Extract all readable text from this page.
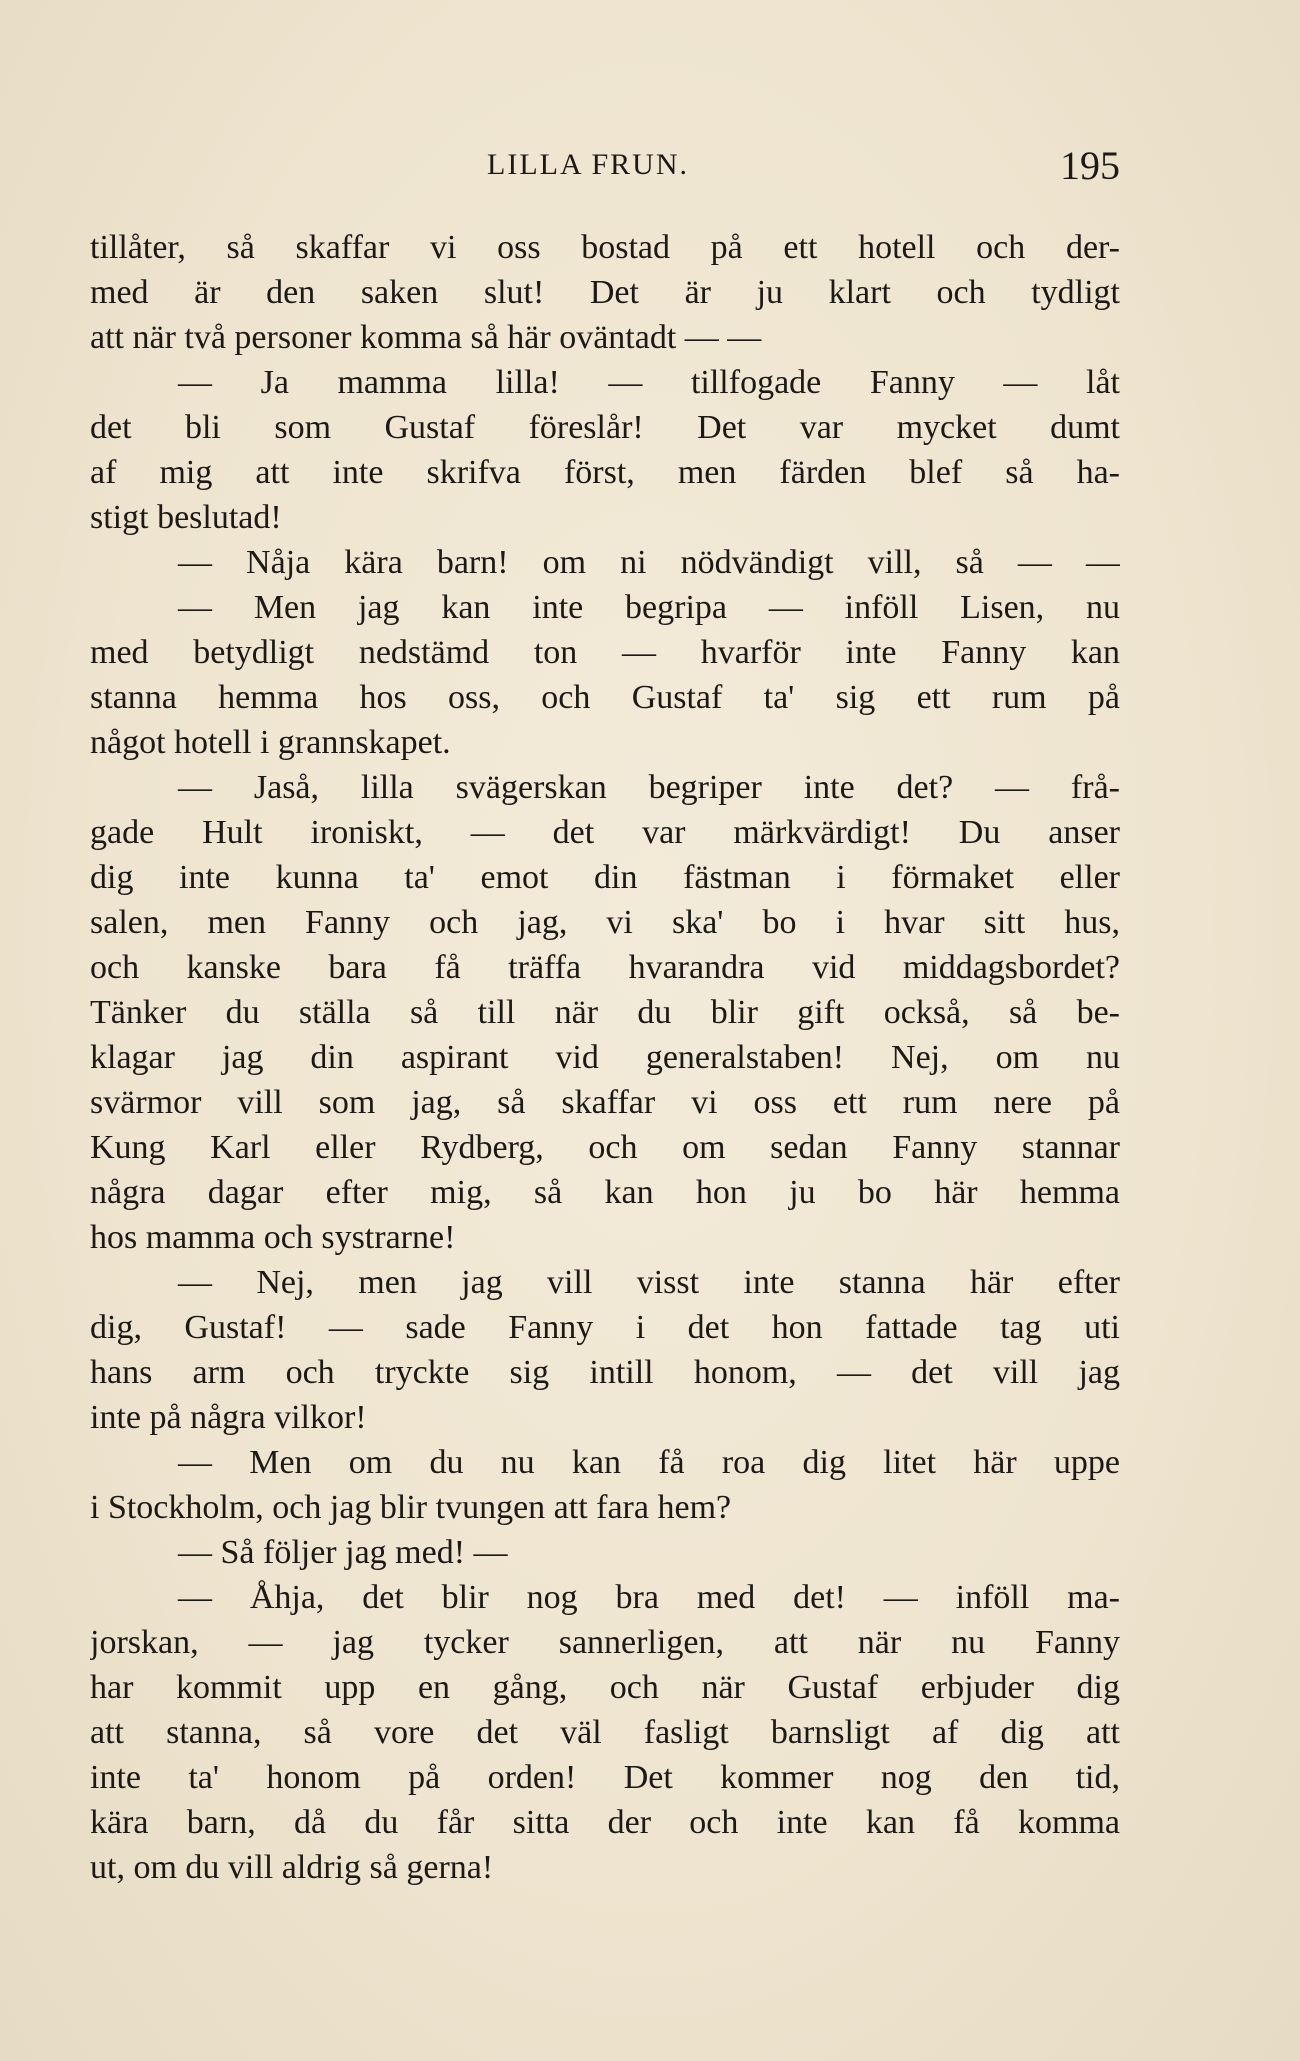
LILLA FRUN.	195
tillåter, så skaffar vi oss bostad på ett hotell och der-
med är den saken slut! Det är ju klart och tydligt
att när två personer komma så här oväntadt — —
— Ja mamma lilla! — tillfogade Fanny — låt
det bli som Gustaf föreslår! Det var mycket dumt
af mig att inte skrifva först, men färden blef så ha-
stigt beslutad!
— Nåja kära barn! om ni nödvändigt vill, så — —
— Men jag kan inte begripa — inföll Lisen, nu
med betydligt nedstämd ton — hvarför inte Fanny kan
stanna hemma hos oss, och Gustaf ta' sig ett rum på
något hotell i grannskapet.
— Jaså, lilla svägerskan begriper inte det? — frå-
gade Hult ironiskt, — det var märkvärdigt! Du anser
dig inte kunna ta' emot din fästman i förmaket eller
salen, men Fanny och jag, vi ska' bo i hvar sitt hus,
och kanske bara få träffa hvarandra vid middagsbordet?
Tänker du ställa så till när du blir gift också, så be-
klagar jag din aspirant vid generalstaben! Nej, om nu
svärmor vill som jag, så skaffar vi oss ett rum nere på
Kung Karl eller Rydberg, och om sedan Fanny stannar
några dagar efter mig, så kan hon ju bo här hemma
hos mamma och systrarne!
— Nej, men jag vill visst inte stanna här efter
dig, Gustaf! — sade Fanny i det hon fattade tag uti
hans arm och tryckte sig intill honom, — det vill jag
inte på några vilkor!
— Men om du nu kan få roa dig litet här uppe
i Stockholm, och jag blir tvungen att fara hem?
— Så följer jag med! —
— Åhja, det blir nog bra med det! — inföll ma-
jorskan, — jag tycker sannerligen, att när nu Fanny
har kommit upp en gång, och när Gustaf erbjuder dig
att stanna, så vore det väl fasligt barnsligt af dig att
inte ta' honom på orden! Det kommer nog den tid,
kära barn, då du får sitta der och inte kan få komma
ut, om du vill aldrig så gerna!
